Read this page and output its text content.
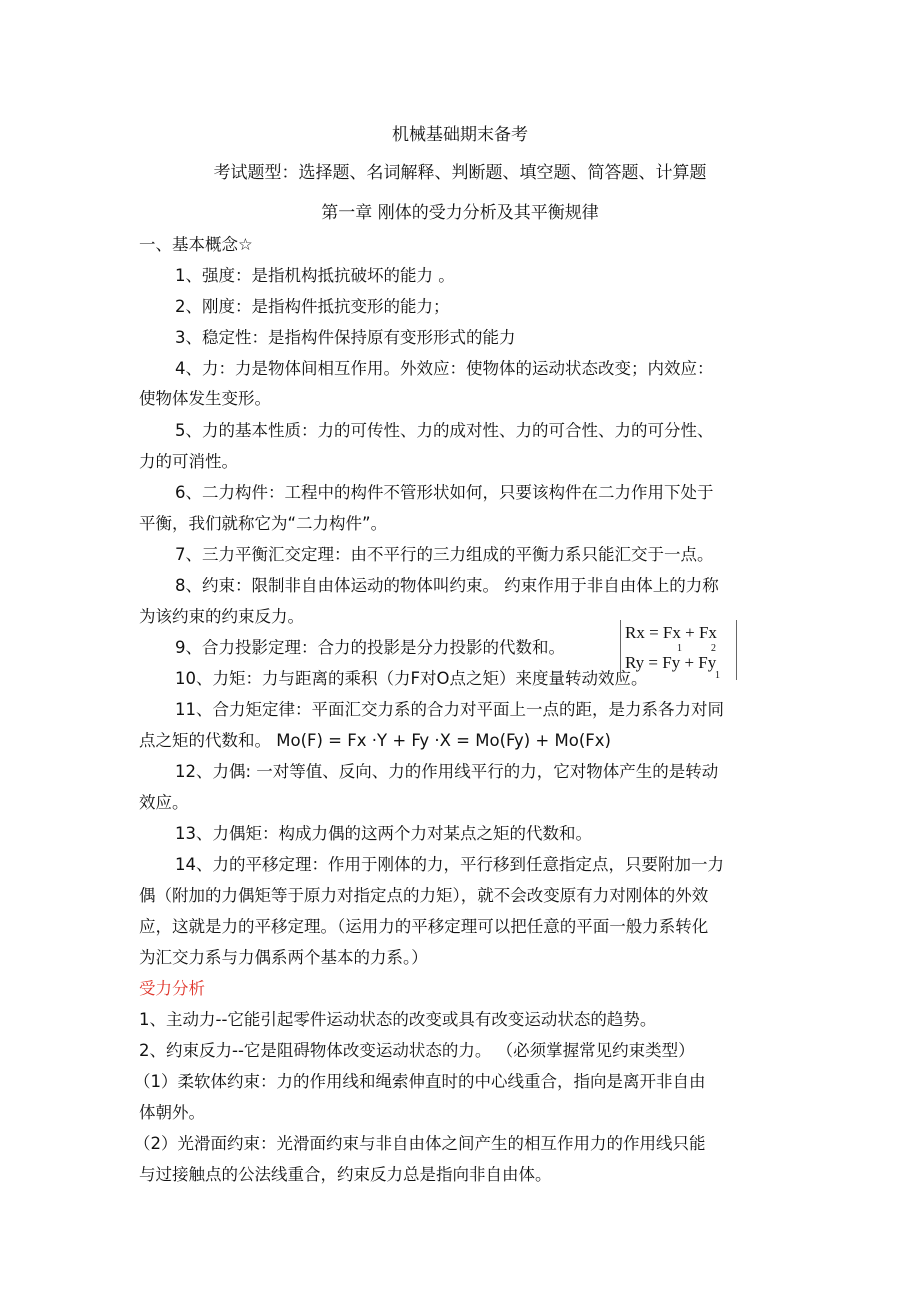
机械基础期末备考
考试题型：选择题、名词解释、判断题、填空题、简答题、计算题
第一章 刚体的受力分析及其平衡规律
一、基本概念☆
1、强度：是指机构抵抗破坏的能力 。
2、刚度：是指构件抵抗变形的能力；
3、稳定性：是指构件保持原有变形形式的能力
4、力：力是物体间相互作用。外效应：使物体的运动状态改变；内效应：
使物体发生变形。
5、力的基本性质：力的可传性、力的成对性、力的可合性、力的可分性、
力的可消性。
6、二力构件：工程中的构件不管形状如何，只要该构件在二力作用下处于
平衡，我们就称它为“二力构件”。
7、三力平衡汇交定理：由不平行的三力组成的平衡力系只能汇交于一点。
8、约束：限制非自由体运动的物体叫约束。 约束作用于非自由体上的力称
为该约束的约束反力。
9、合力投影定理：合力的投影是分力投影的代数和。
10、力矩：力与距离的乘积（力F对O点之矩）来度量转动效应。
Rx = Fx + Fx
1	2
Ry = Fy + Fy
1
11、合力矩定律：平面汇交力系的合力对平面上一点的距，是力系各力对同
点之矩的代数和。 Mo(F) = Fx ·Y + Fy ·X = Mo(Fy) + Mo(Fx)
12、力偶: 一对等值、反向、力的作用线平行的力，它对物体产生的是转动
效应。
13、力偶矩：构成力偶的这两个力对某点之矩的代数和。
14、力的平移定理：作用于刚体的力，平行移到任意指定点，只要附加一力
偶（附加的力偶矩等于原力对指定点的力矩），就不会改变原有力对刚体的外效
应，这就是力的平移定理。（运用力的平移定理可以把任意的平面一般力系转化
为汇交力系与力偶系两个基本的力系。）
受力分析
1、主动力--它能引起零件运动状态的改变或具有改变运动状态的趋势。
2、约束反力--它是阻碍物体改变运动状态的力。 （必须掌握常见约束类型）
（1）柔软体约束：力的作用线和绳索伸直时的中心线重合，指向是离开非自由
体朝外。
（2）光滑面约束：光滑面约束与非自由体之间产生的相互作用力的作用线只能
与过接触点的公法线重合，约束反力总是指向非自由体。
